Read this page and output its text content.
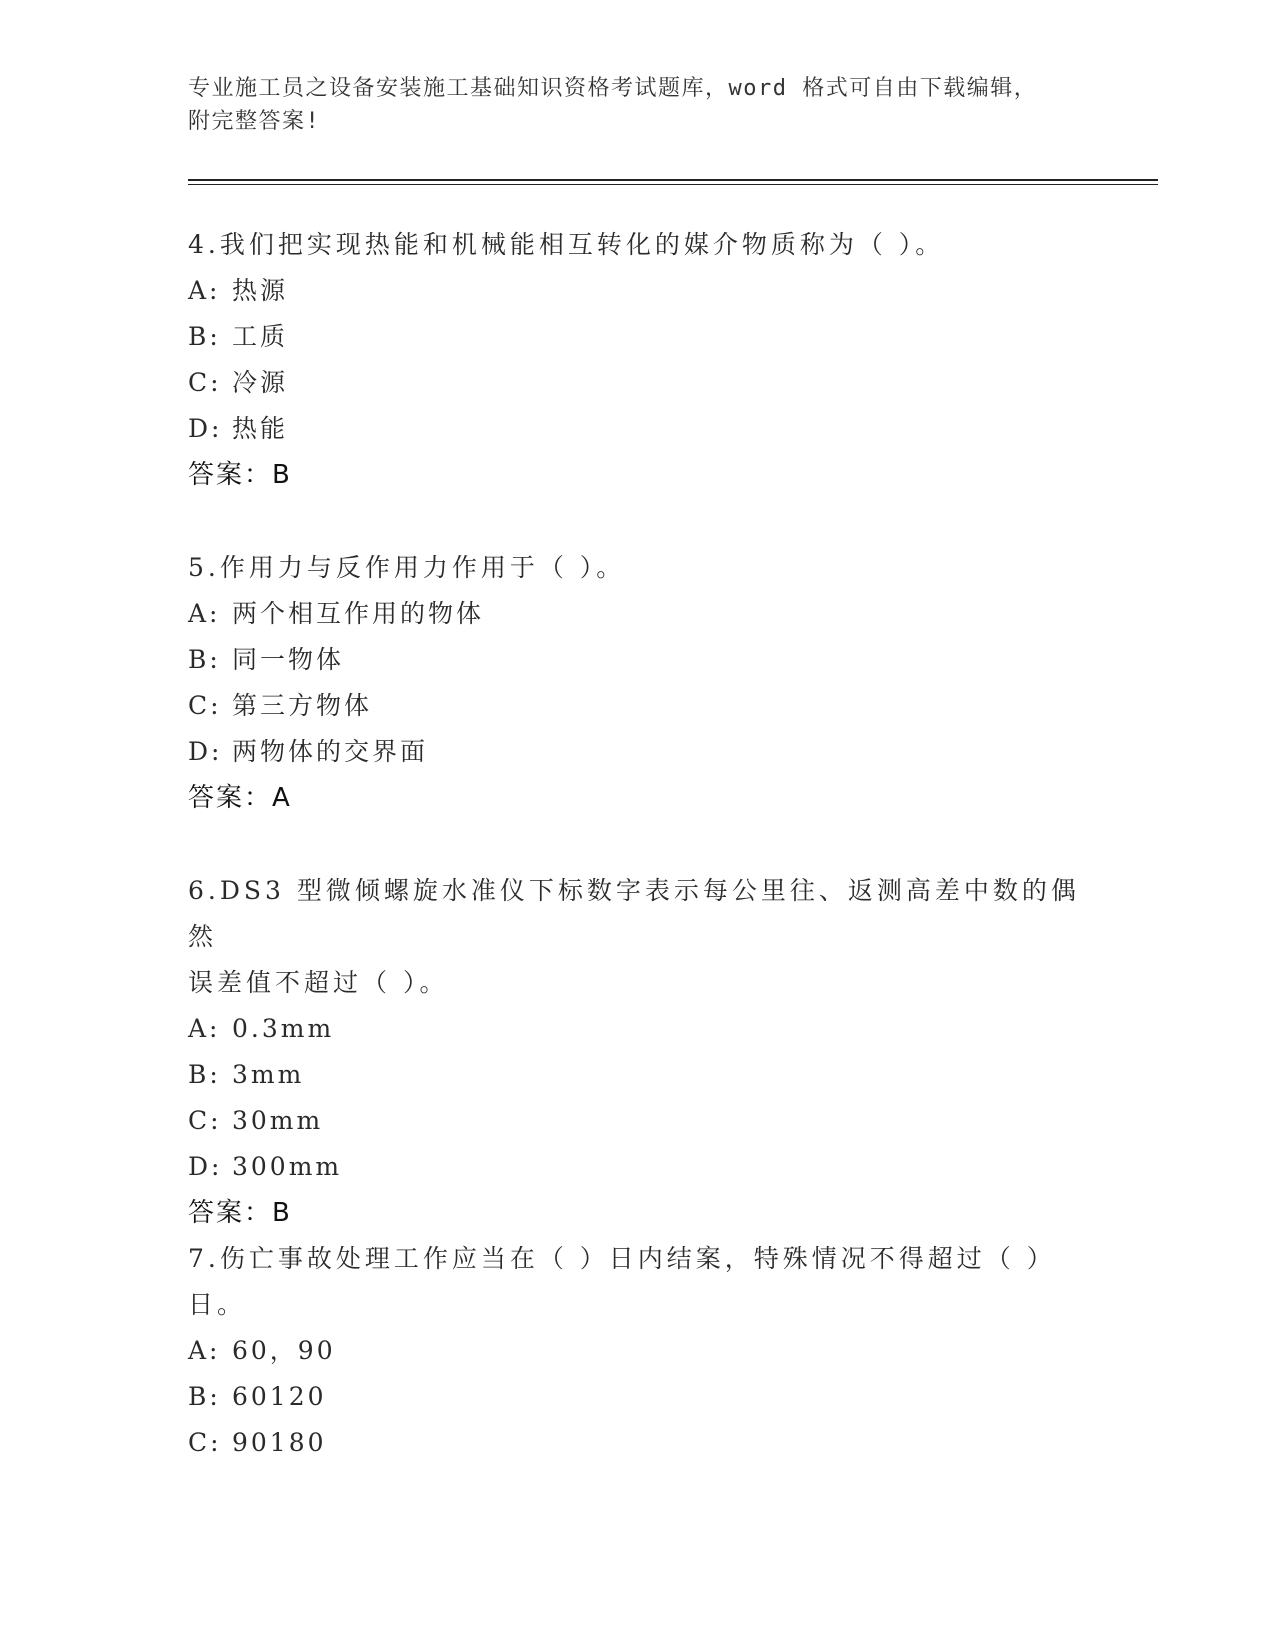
专业施工员之设备安装施工基础知识资格考试题库，word 格式可自由下载编辑，
附完整答案!

4.我们把实现热能和机械能相互转化的媒介物质称为（ ）。

A: 热源

B: 工质

C: 冷源

D: 热能

答案：B

5.作用力与反作用力作用于（ ）。

A: 两个相互作用的物体

B: 同一物体

C: 第三方物体

D: 两物体的交界面

答案：A

6.DS3 型微倾螺旋水准仪下标数字表示每公里往、返测高差中数的偶然

误差值不超过（ ）。

A: 0.3mm

B: 3mm

C: 30mm

D: 300mm

答案：B

7.伤亡事故处理工作应当在（ ）日内结案，特殊情况不得超过（ ）

日。

A: 60，90

B: 60120

C: 90180
